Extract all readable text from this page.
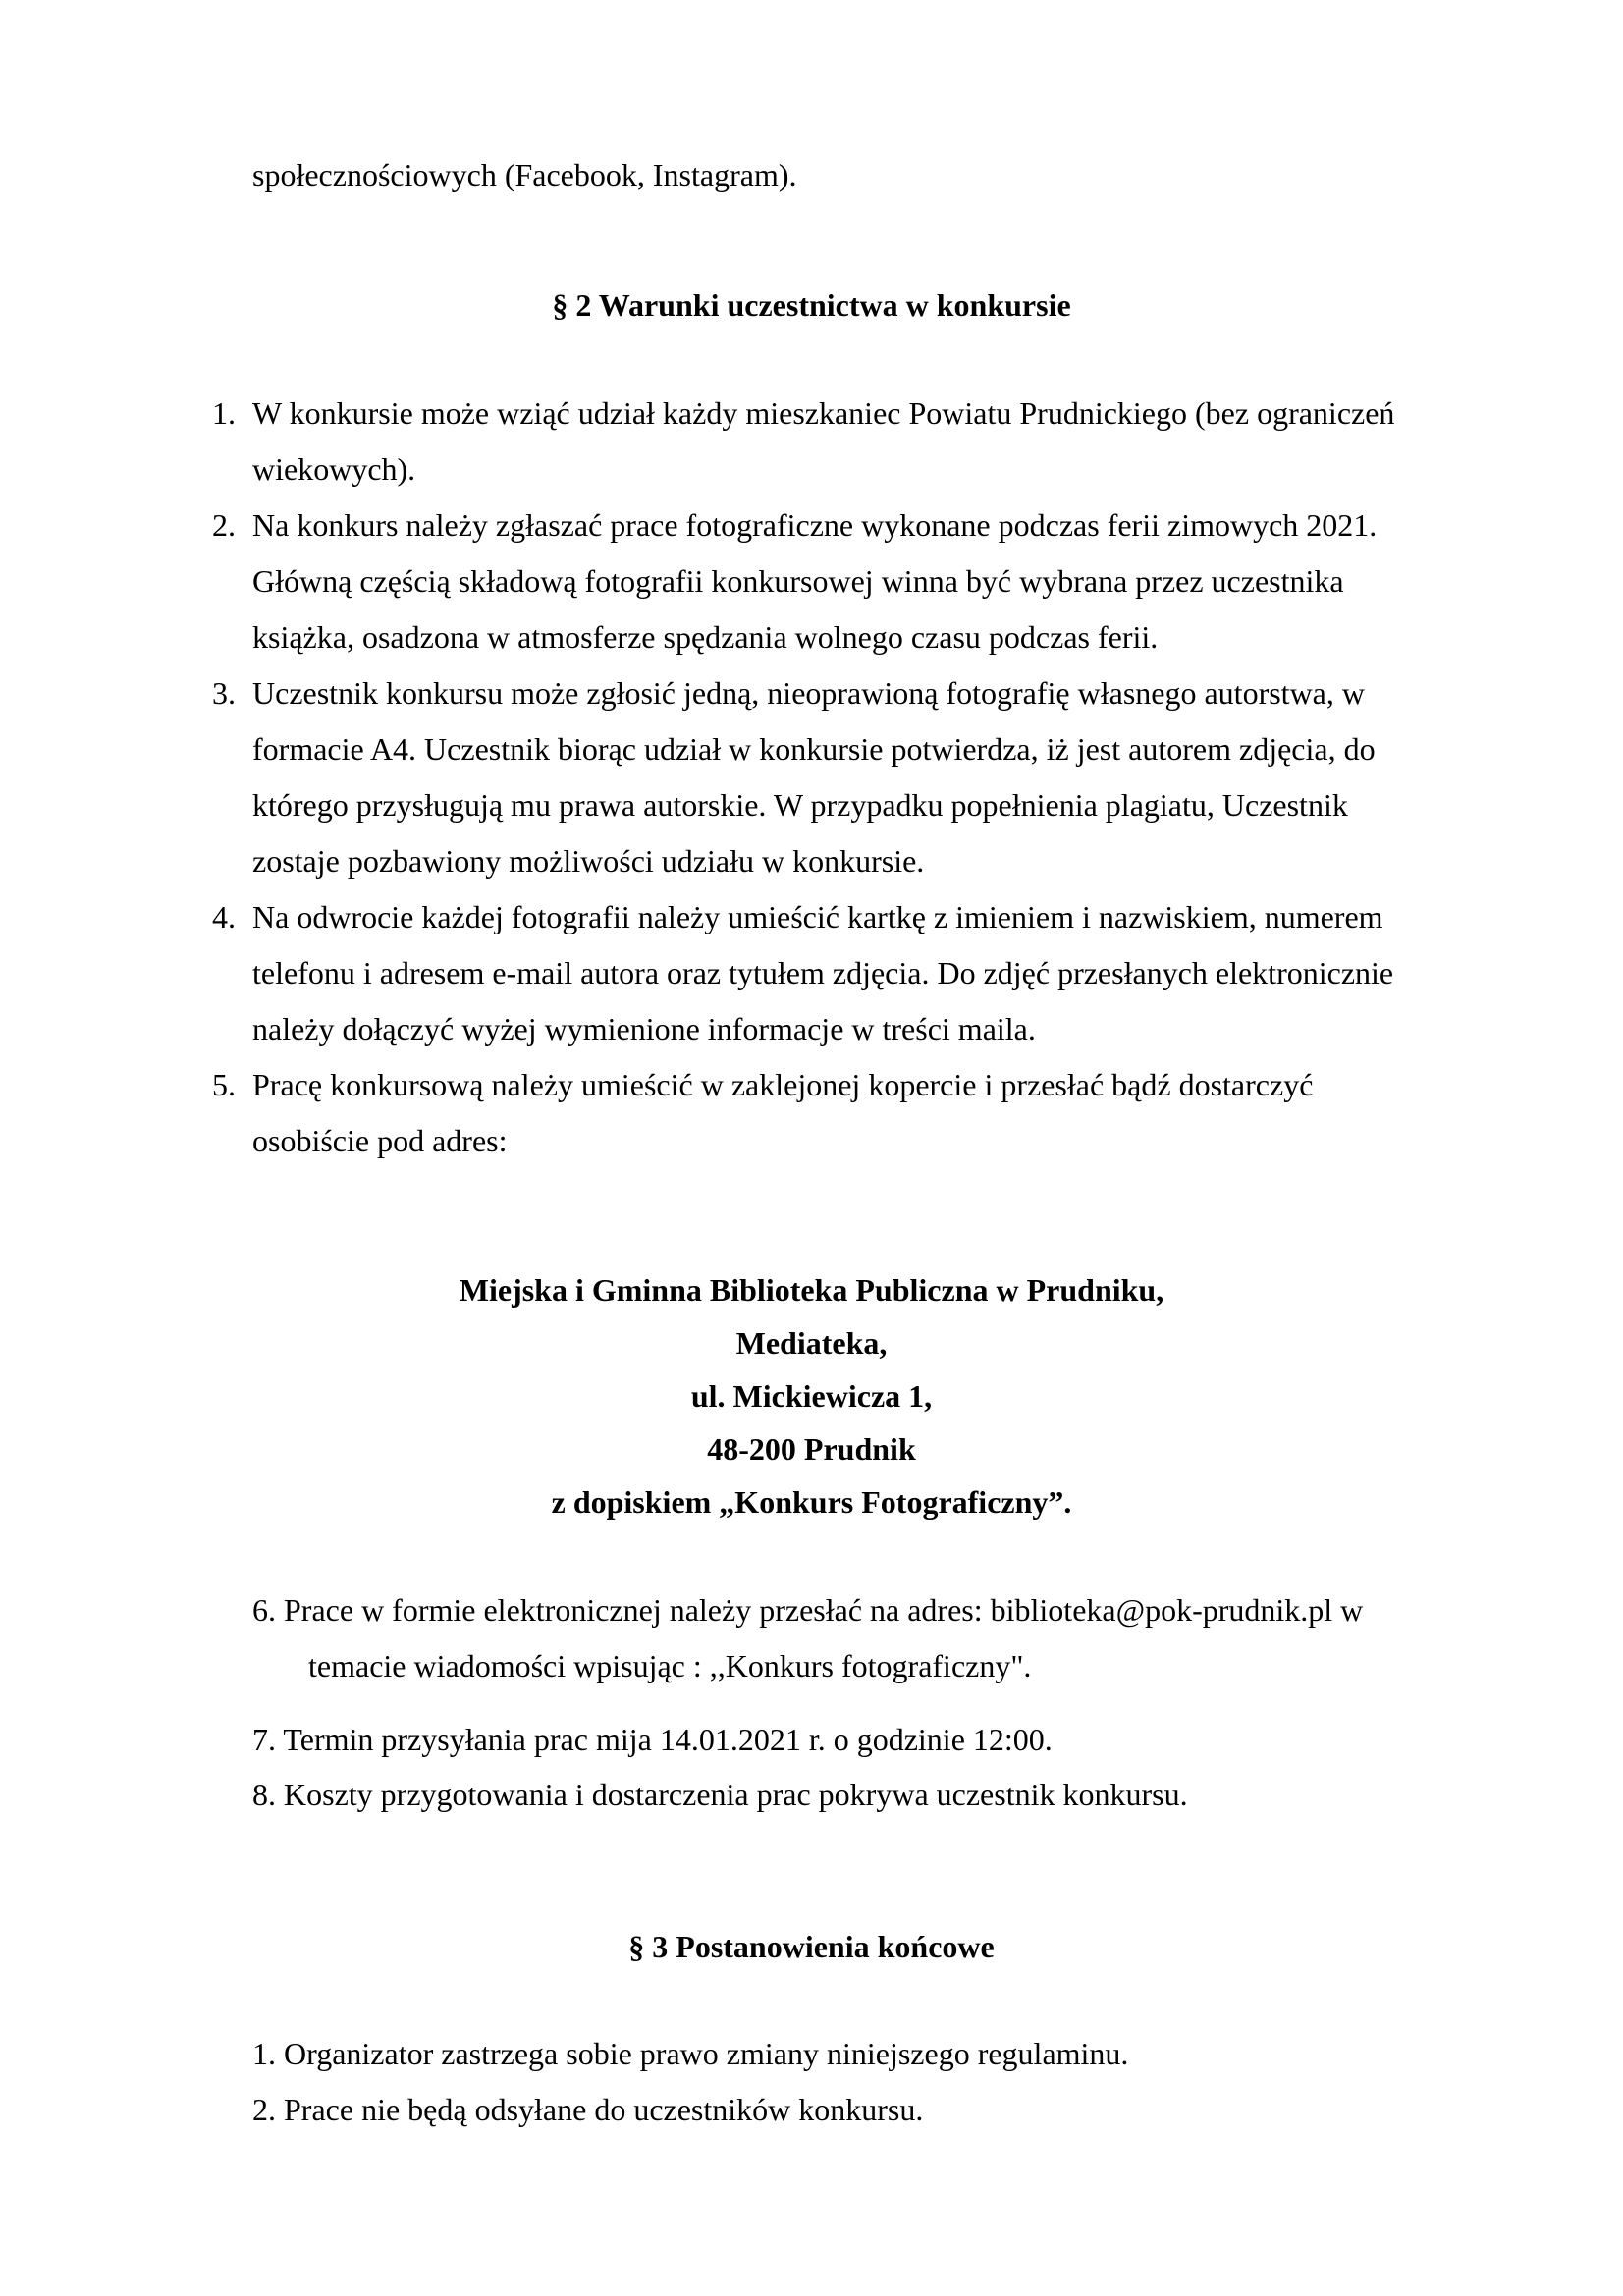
społecznościowych (Facebook, Instagram).
§ 2 Warunki uczestnictwa w konkursie
1. W konkursie może wziąć udział każdy mieszkaniec Powiatu Prudnickiego (bez ograniczeń
wiekowych).
2. Na konkurs należy zgłaszać prace fotograficzne wykonane podczas ferii zimowych 2021.
Główną częścią składową fotografii konkursowej winna być wybrana przez uczestnika
książka, osadzona w atmosferze spędzania wolnego czasu podczas ferii.
3. Uczestnik konkursu może zgłosić jedną, nieoprawioną fotografię własnego autorstwa, w
formacie A4. Uczestnik biorąc udział w konkursie potwierdza, iż jest autorem zdjęcia, do
którego przysługują mu prawa autorskie. W przypadku popełnienia plagiatu, Uczestnik
zostaje pozbawiony możliwości udziału w konkursie.
4. Na odwrocie każdej fotografii należy umieścić kartkę z imieniem i nazwiskiem, numerem
telefonu i adresem e-mail autora oraz tytułem zdjęcia. Do zdjęć przesłanych elektronicznie
należy dołączyć wyżej wymienione informacje w treści maila.
5. Pracę konkursową należy umieścić w zaklejonej kopercie i przesłać bądź dostarczyć
osobiście pod adres:
Miejska i Gminna Biblioteka Publiczna w Prudniku,
Mediateka,
ul. Mickiewicza 1,
48-200 Prudnik
z dopiskiem „Konkurs Fotograficzny”.
6. Prace w formie elektronicznej należy przesłać na adres: biblioteka@pok-prudnik.pl w
temacie wiadomości wpisując : ,,Konkurs fotograficzny".
7. Termin przysyłania prac mija 14.01.2021 r. o godzinie 12:00.
8. Koszty przygotowania i dostarczenia prac pokrywa uczestnik konkursu.
§ 3 Postanowienia końcowe
1. Organizator zastrzega sobie prawo zmiany niniejszego regulaminu.
2. Prace nie będą odsyłane do uczestników konkursu.
